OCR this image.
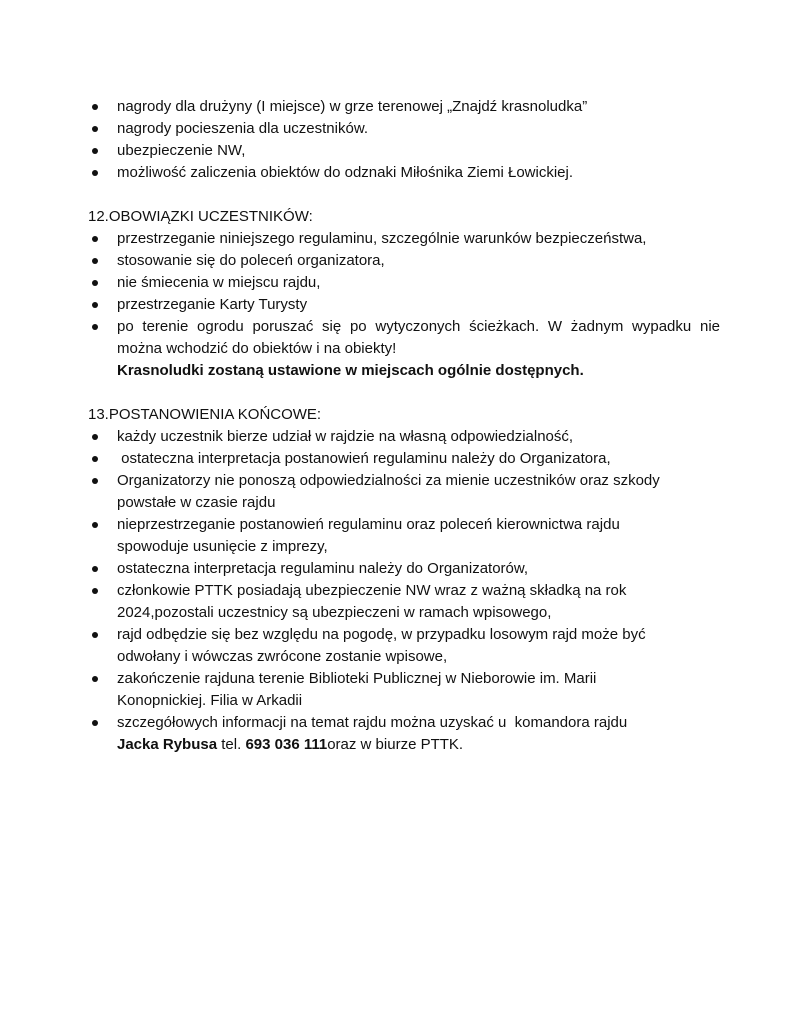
nagrody dla drużyny (I miejsce) w grze terenowej „Znajdź krasnoludka”
nagrody pocieszenia dla uczestników.
ubezpieczenie NW,
możliwość zaliczenia obiektów do odznaki Miłośnika Ziemi Łowickiej.
12.OBOWIĄZKI UCZESTNIKÓW:
przestrzeganie niniejszego regulaminu, szczególnie warunków bezpieczeństwa,
stosowanie się do poleceń organizatora,
nie śmiecenia w miejscu rajdu,
przestrzeganie Karty Turysty
po terenie ogrodu poruszać się po wytyczonych ścieżkach. W żadnym wypadku nie
można wchodzić do obiektów i na obiekty!
Krasnoludki zostaną ustawione w miejscach ogólnie dostępnych.
13.POSTANOWIENIA KOŃCOWE:
każdy uczestnik bierze udział w rajdzie na własną odpowiedzialność,
ostateczna interpretacja postanowień regulaminu należy do Organizatora,
Organizatorzy nie ponoszą odpowiedzialności za mienie uczestników oraz szkody
powstałe w czasie rajdu
nieprzestrzeganie postanowień regulaminu oraz poleceń kierownictwa rajdu
spowoduje usunięcie z imprezy,
ostateczna interpretacja regulaminu należy do Organizatorów,
członkowie PTTK posiadają ubezpieczenie NW wraz z ważną składką na rok
2024,pozostali uczestnicy są ubezpieczeni w ramach wpisowego,
rajd odbędzie się bez względu na pogodę, w przypadku losowym rajd może być
odwołany i wówczas zwrócone zostanie wpisowe,
zakończenie rajduna terenie Biblioteki Publicznej w Nieborowie im. Marii
Konopnickiej. Filia w Arkadii
szczegółowych informacji na temat rajdu można uzyskać u  komandora rajdu
Jacka Rybusa tel. 693 036 111oraz w biurze PTTK.
